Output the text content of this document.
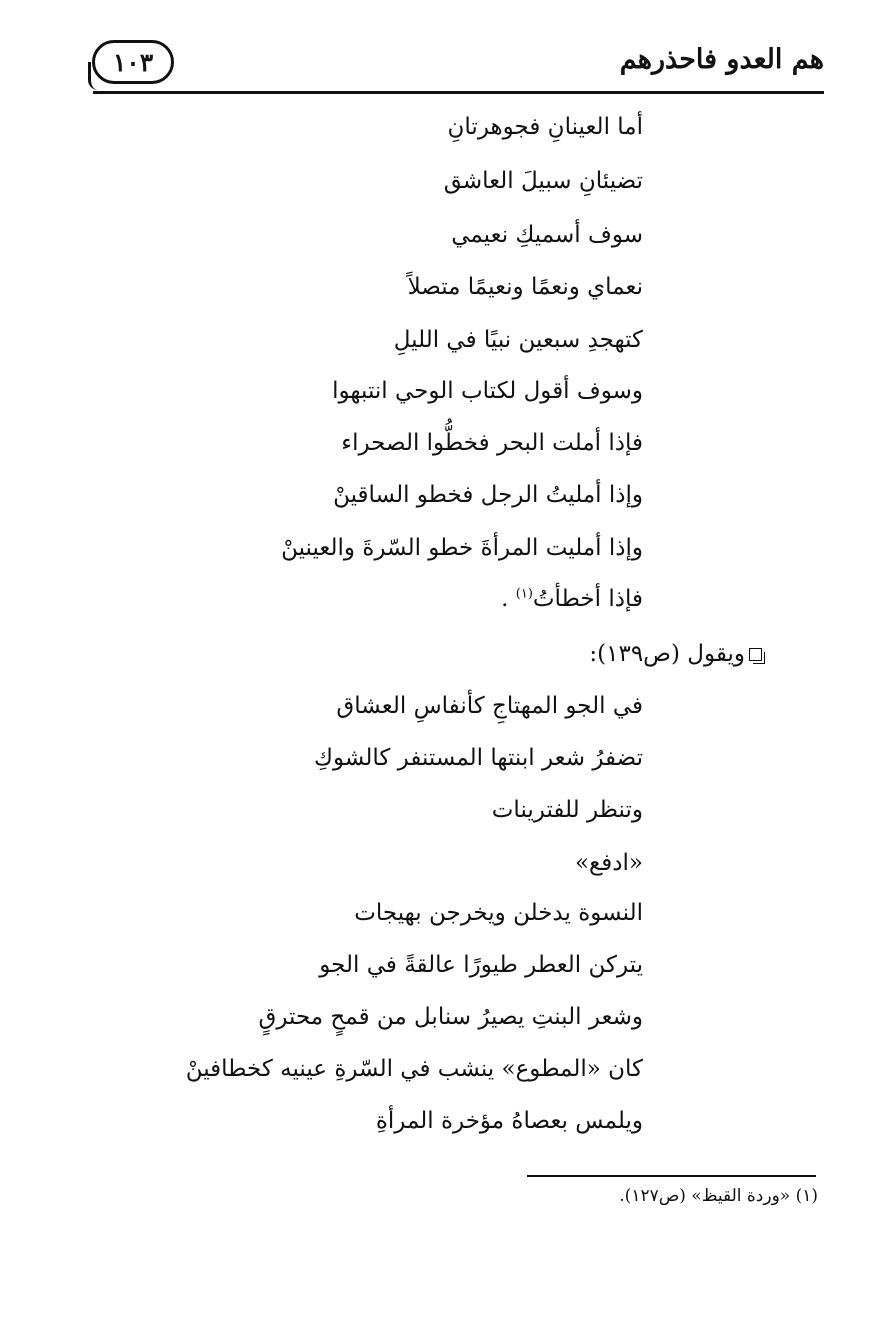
هم العدو فاحذرهم
١٠٣

أما العينانِ فجوهرتانِ

تضيئانِ سبيلَ العاشق

سوف أسميكِ نعيمي

نعماي ونعمًا ونعيمًا متصلاً

كتهجدِ سبعين نبيًا في الليلِ

وسوف أقول لكتاب الوحي انتبهوا

فإذا أملت البحر فخطُّوا الصحراء

وإذا أمليتُ الرجل فخطو الساقينْ

وإذا أمليت المرأةَ خطو السّرةَ والعينينْ

فإذا أخطأتُ$^{(١)}$ .

ويقول (ص١٣٩):

في الجو المهتاجِ كأنفاسِ العشاق

تضفرُ شعر ابنتها المستنفر كالشوكِ

وتنظر للفترينات

«ادفع»

النسوة يدخلن ويخرجن بهيجات

يتركن العطر طيورًا عالقةً في الجو

وشعر البنتِ يصيرُ سنابل من قمحٍ محترقٍ

كان «المطوع» ينشب في السّرةِ عينيه كخطافينْ

ويلمس بعصاهُ مؤخرة المرأةِ

(١) «وردة القيظ» (ص١٢٧).
